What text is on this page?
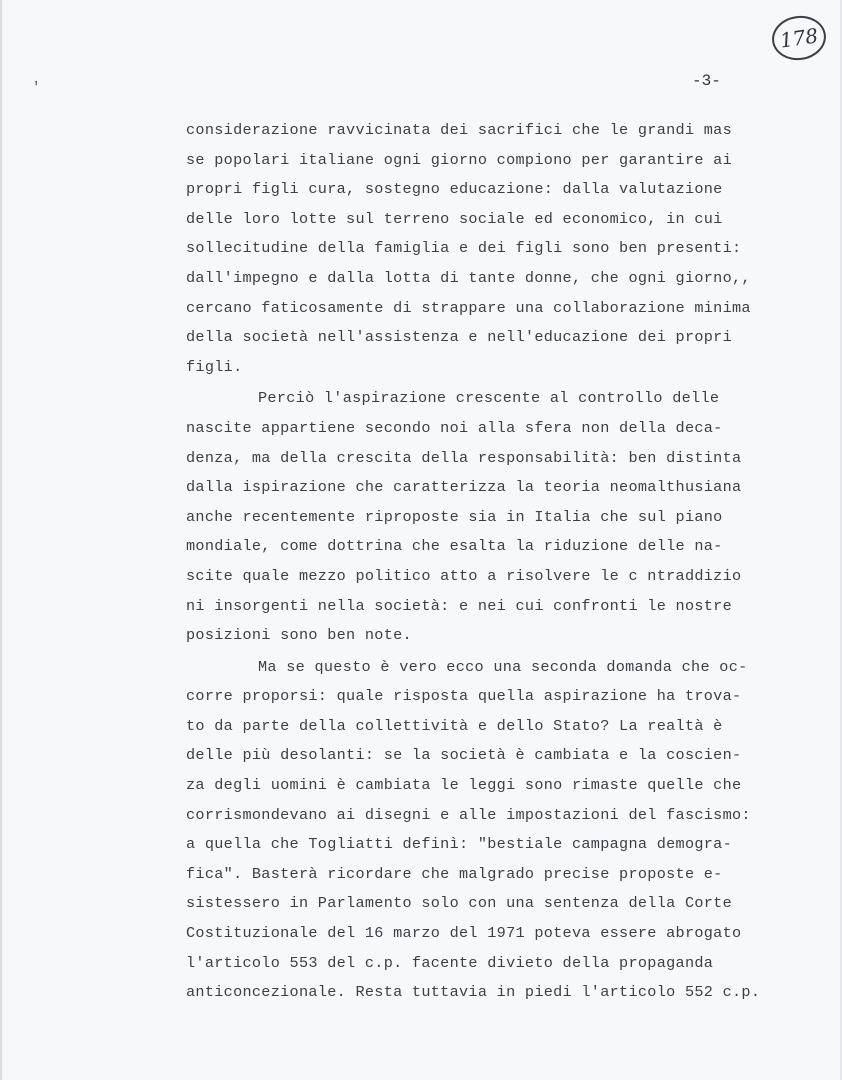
178
'	-3-
considerazione ravvicinata dei sacrifici che le grandi mas
se popolari italiane ogni giorno compiono per garantire ai
propri figli cura, sostegno educazione: dalla valutazione
delle loro lotte sul terreno sociale ed economico, in cui
sollecitudine della famiglia e dei figli sono ben presenti:
dall'impegno e dalla lotta di tante donne, che ogni giorno,,
cercano faticosamente di strappare una collaborazione minima
della società nell'assistenza e nell'educazione dei propri
figli.
Perciò l'aspirazione crescente al controllo delle
nascite appartiene secondo noi alla sfera non della deca-
denza, ma della crescita della responsabilità: ben distinta
dalla ispirazione che caratterizza la teoria neomalthusiana
anche recentemente riproposte sia in Italia che sul piano
mondiale, come dottrina che esalta la riduzione delle na-
scite quale mezzo politico atto a risolvere le c ntraddizio
ni insorgenti nella società: e nei cui confronti le nostre
posizioni sono ben note.
Ma se questo è vero ecco una seconda domanda che oc-
corre proporsi: quale risposta quella aspirazione ha trova-
to da parte della collettività e dello Stato? La realtà è
delle più desolanti: se la società è cambiata e la coscien-
za degli uomini è cambiata le leggi sono rimaste quelle che
corrismondevano ai disegni e alle impostazioni del fascismo:
a quella che Togliatti definì: "bestiale campagna demogra-
fica". Basterà ricordare che malgrado precise proposte e-
sistessero in Parlamento solo con una sentenza della Corte
Costituzionale del 16 marzo del 1971 poteva essere abrogato
l'articolo 553 del c.p. facente divieto della propaganda
anticoncezionale. Resta tuttavia in piedi l'articolo 552 c.p.
